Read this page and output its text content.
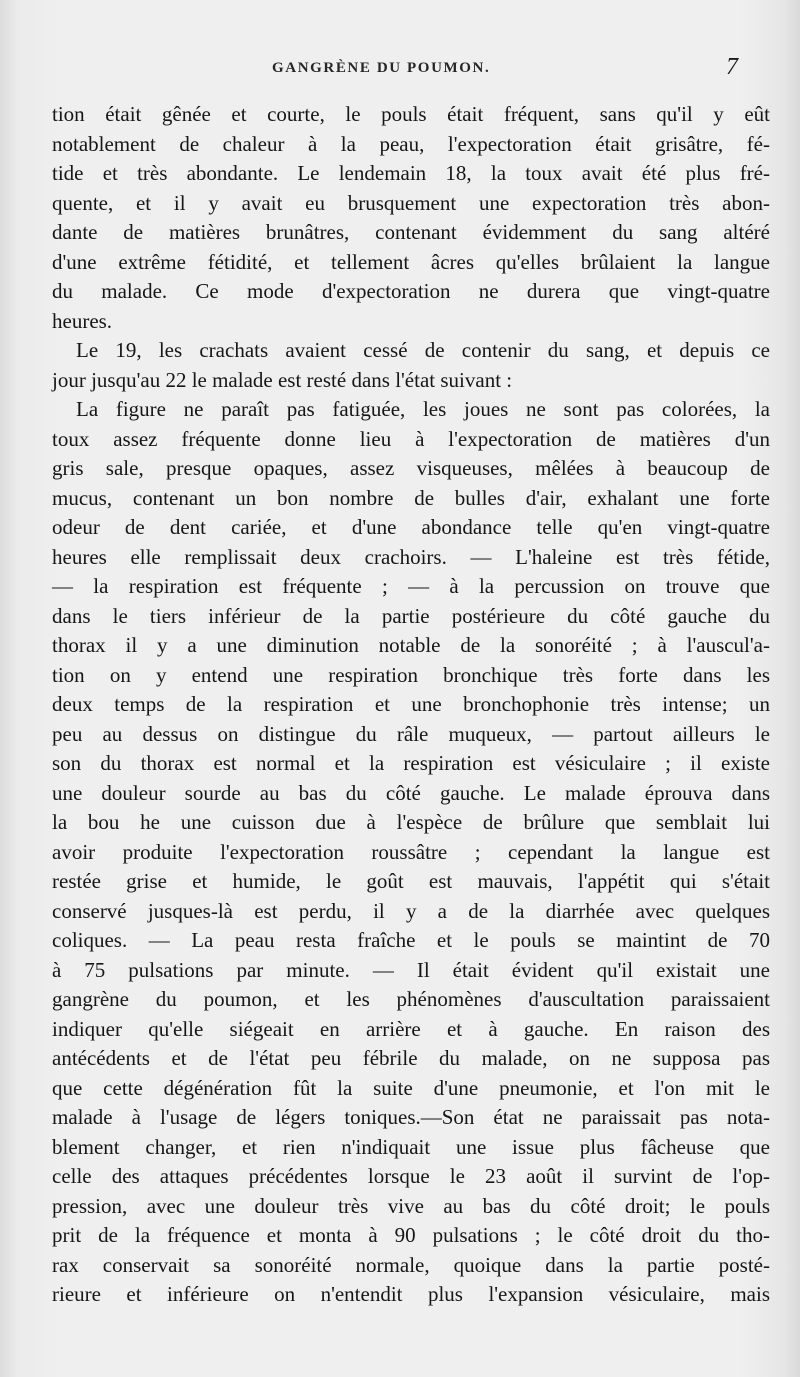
GANGRÈNE DU POUMON.	7
tion était gênée et courte, le pouls était fréquent, sans qu'il y eût
notablement de chaleur à la peau, l'expectoration était grisâtre, fé-
tide et très abondante. Le lendemain 18, la toux avait été plus fré-
quente, et il y avait eu brusquement une expectoration très abon-
dante de matières brunâtres, contenant évidemment du sang altéré
d'une extrême fétidité, et tellement âcres qu'elles brûlaient la langue
du malade. Ce mode d'expectoration ne durera que vingt-quatre
heures.
Le 19, les crachats avaient cessé de contenir du sang, et depuis ce
jour jusqu'au 22 le malade est resté dans l'état suivant :
La figure ne paraît pas fatiguée, les joues ne sont pas colorées, la
toux assez fréquente donne lieu à l'expectoration de matières d'un
gris sale, presque opaques, assez visqueuses, mêlées à beaucoup de
mucus, contenant un bon nombre de bulles d'air, exhalant une forte
odeur de dent cariée, et d'une abondance telle qu'en vingt-quatre
heures elle remplissait deux crachoirs. — L'haleine est très fétide,
— la respiration est fréquente ; — à la percussion on trouve que
dans le tiers inférieur de la partie postérieure du côté gauche du
thorax il y a une diminution notable de la sonoréité ; à l'auscul'a-
tion on y entend une respiration bronchique très forte dans les
deux temps de la respiration et une bronchophonie très intense; un
peu au dessus on distingue du râle muqueux, — partout ailleurs le
son du thorax est normal et la respiration est vésiculaire ; il existe
une douleur sourde au bas du côté gauche. Le malade éprouva dans
la bou he une cuisson due à l'espèce de brûlure que semblait lui
avoir produite l'expectoration roussâtre ; cependant la langue est
restée grise et humide, le goût est mauvais, l'appétit qui s'était
conservé jusques-là est perdu, il y a de la diarrhée avec quelques
coliques. — La peau resta fraîche et le pouls se maintint de 70
à 75 pulsations par minute. — Il était évident qu'il existait une
gangrène du poumon, et les phénomènes d'auscultation paraissaient
indiquer qu'elle siégeait en arrière et à gauche. En raison des
antécédents et de l'état peu fébrile du malade, on ne supposa pas
que cette dégénération fût la suite d'une pneumonie, et l'on mit le
malade à l'usage de légers toniques.—Son état ne paraissait pas nota-
blement changer, et rien n'indiquait une issue plus fâcheuse que
celle des attaques précédentes lorsque le 23 août il survint de l'op-
pression, avec une douleur très vive au bas du côté droit; le pouls
prit de la fréquence et monta à 90 pulsations ; le côté droit du tho-
rax conservait sa sonoréité normale, quoique dans la partie posté-
rieure et inférieure on n'entendit plus l'expansion vésiculaire, mais
